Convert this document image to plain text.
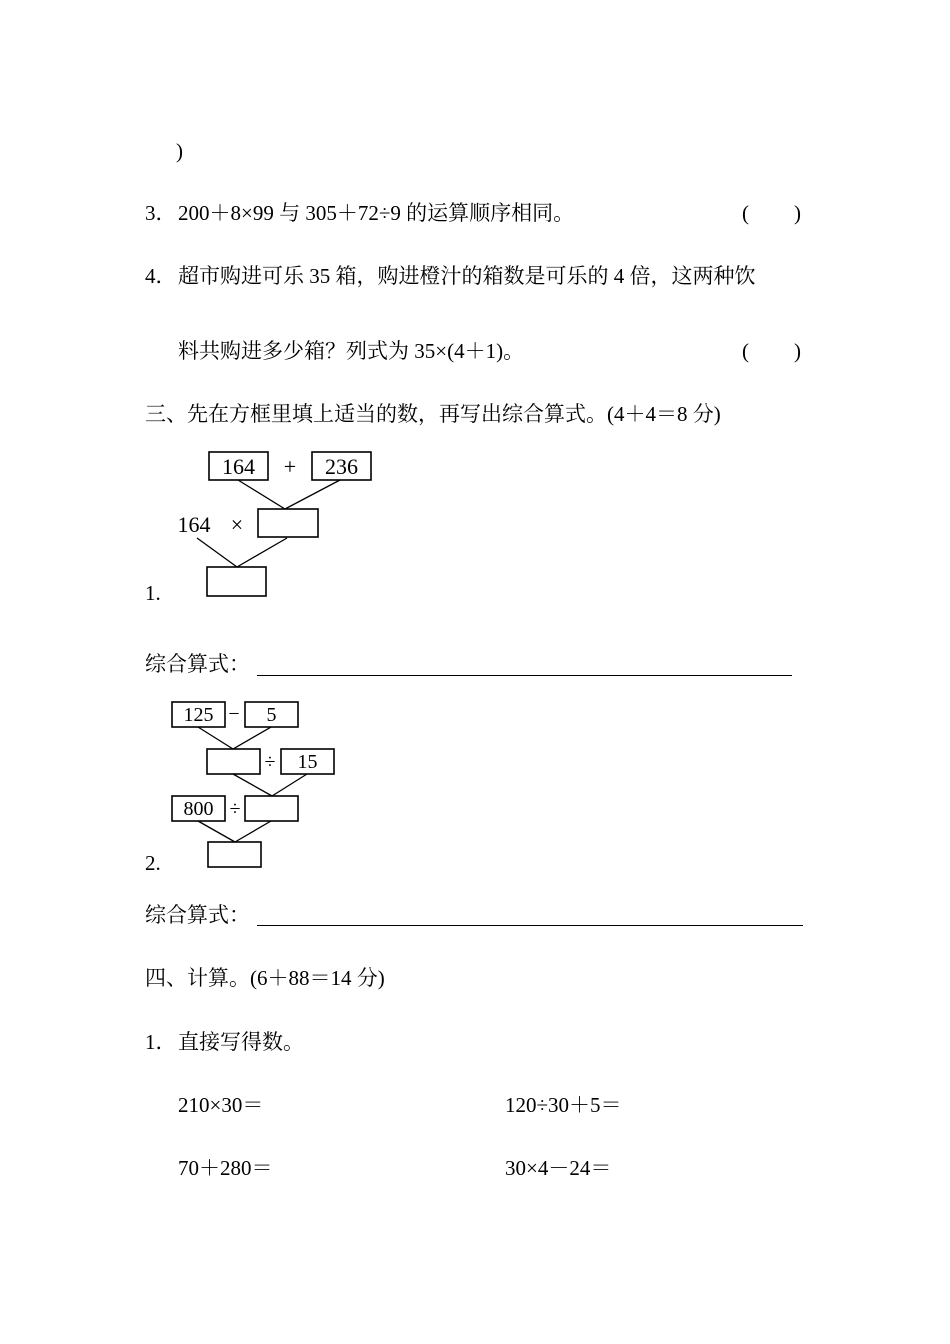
)
3． 200＋8×99 与 305＋72÷9 的运算顺序相同。	( )
4． 超市购进可乐 35 箱，购进橙汁的箱数是可乐的 4 倍，这两种饮
料共购进多少箱？列式为 35×(4＋1)。	( )
三、先在方框里填上适当的数，再写出综合算式。(4＋4＝8 分)
164 + 236
164 ×
1.
综合算式：
125 − 5
÷ 15
800 ÷
2.
综合算式：
四、计算。(6＋88＝14 分)
1． 直接写得数。
210×30＝	120÷30＋5＝
70＋280＝	30×4－24＝
